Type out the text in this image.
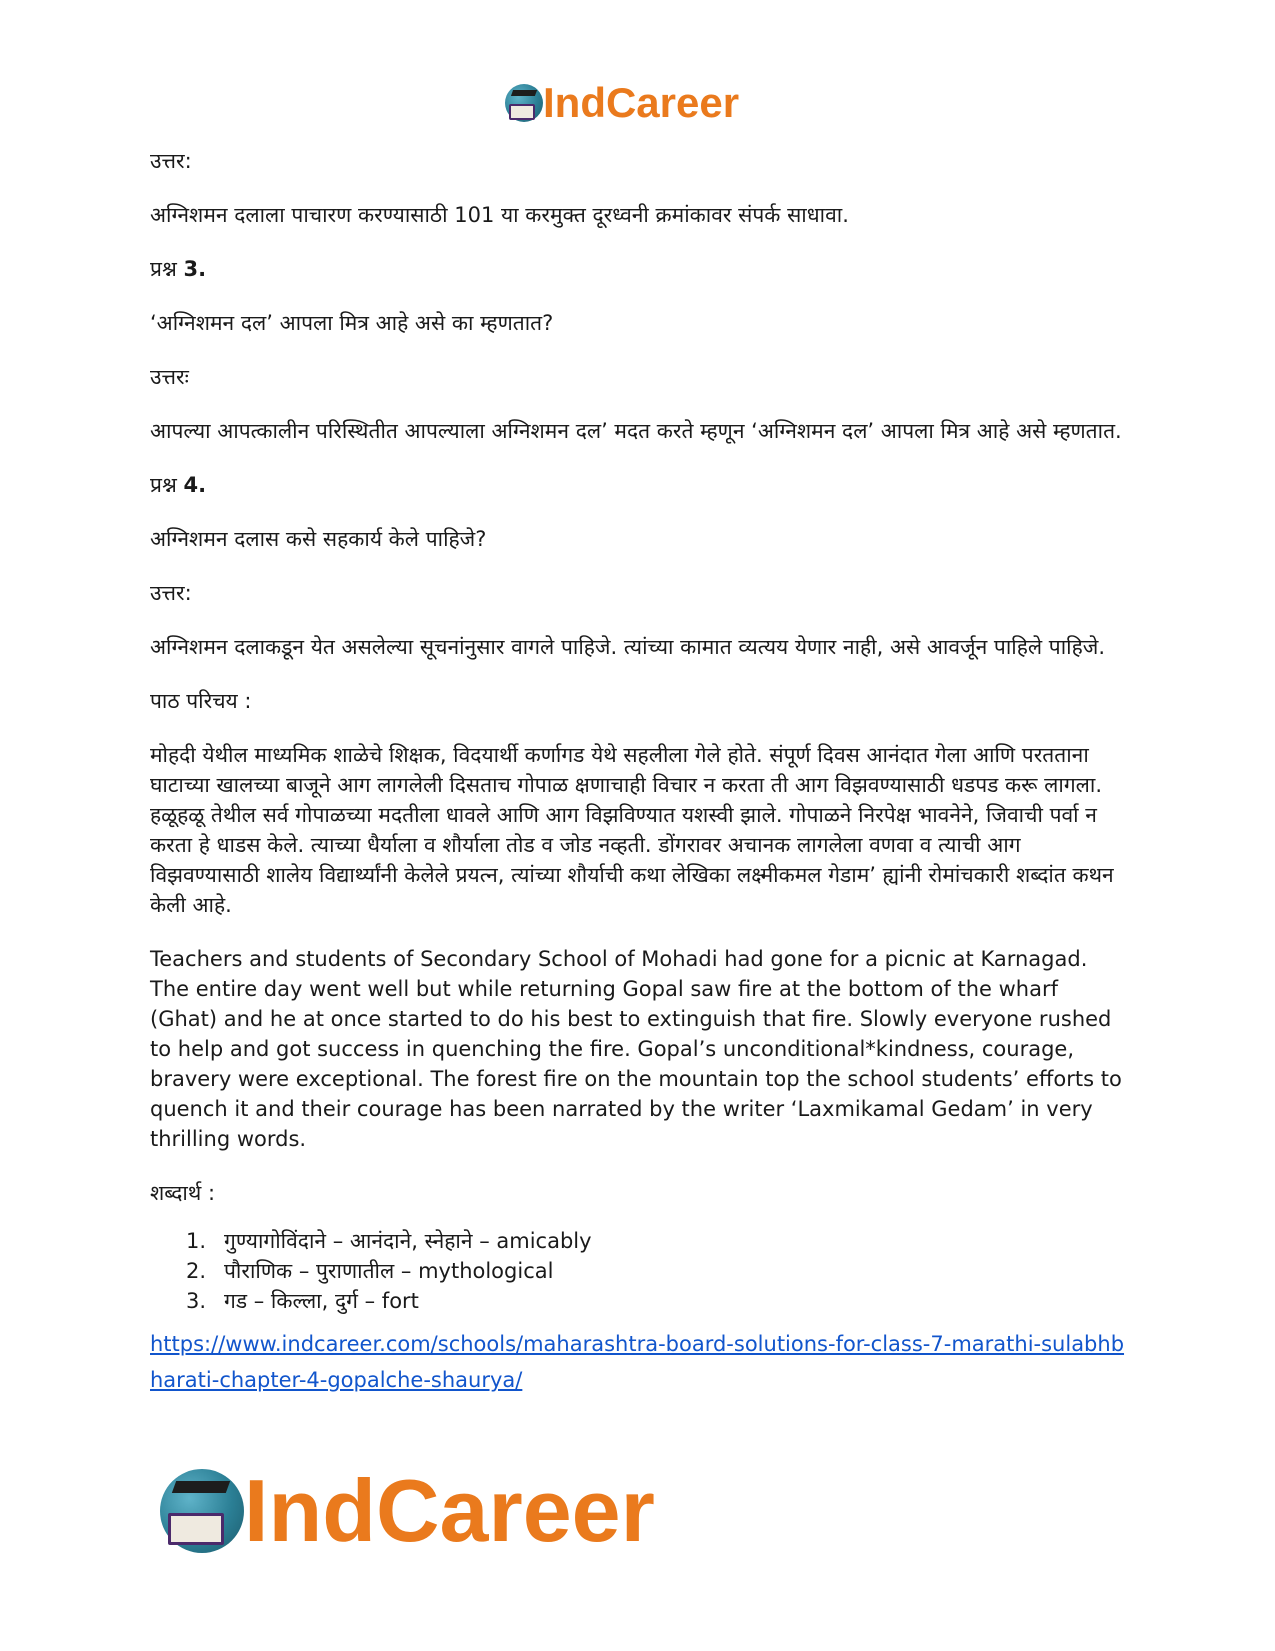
IndCareer

उत्तर:

अग्निशमन दलाला पाचारण करण्यासाठी 101 या करमुक्त दूरध्वनी क्रमांकावर संपर्क साधावा.

प्रश्न 3.

‘अग्निशमन दल’ आपला मित्र आहे असे का म्हणतात?

उत्तरः

आपल्या आपत्कालीन परिस्थितीत आपल्याला अग्निशमन दल’ मदत करते म्हणून ‘अग्निशमन दल’ आपला मित्र आहे असे म्हणतात.

प्रश्न 4.

अग्निशमन दलास कसे सहकार्य केले पाहिजे?

उत्तर:

अग्निशमन दलाकडून येत असलेल्या सूचनांनुसार वागले पाहिजे. त्यांच्या कामात व्यत्यय येणार नाही, असे आवर्जून पाहिले पाहिजे.

पाठ परिचय :

मोहदी येथील माध्यमिक शाळेचे शिक्षक, विदयार्थी कर्णागड येथे सहलीला गेले होते. संपूर्ण दिवस आनंदात गेला आणि परतताना घाटाच्या खालच्या बाजूने आग लागलेली दिसताच गोपाळ क्षणाचाही विचार न करता ती आग विझवण्यासाठी धडपड करू लागला. हळूहळू तेथील सर्व गोपाळच्या मदतीला धावले आणि आग विझविण्यात यशस्वी झाले. गोपाळने निरपेक्ष भावनेने, जिवाची पर्वा न करता हे धाडस केले. त्याच्या धैर्याला व शौर्याला तोड व जोड नव्हती. डोंगरावर अचानक लागलेला वणवा व त्याची आग विझवण्यासाठी शालेय विद्यार्थ्यांनी केलेले प्रयत्न, त्यांच्या शौर्याची कथा लेखिका लक्ष्मीकमल गेडाम’ ह्यांनी रोमांचकारी शब्दांत कथन केली आहे.

Teachers and students of Secondary School of Mohadi had gone for a picnic at Karnagad. The entire day went well but while returning Gopal saw fire at the bottom of the wharf (Ghat) and he at once started to do his best to extinguish that fire. Slowly everyone rushed to help and got success in quenching the fire. Gopal’s unconditional*kindness, courage, bravery were exceptional. The forest fire on the mountain top the school students’ efforts to quench it and their courage has been narrated by the writer ‘Laxmikamal Gedam’ in very thrilling words.

शब्दार्थ :

1. गुण्यागोविंदाने – आनंदाने, स्नेहाने – amicably
2. पौराणिक – पुराणातील – mythological
3. गड – किल्ला, दुर्ग – fort
https://www.indcareer.com/schools/maharashtra-board-solutions-for-class-7-marathi-sulabhbharati-chapter-4-gopalche-shaurya/
IndCareer
